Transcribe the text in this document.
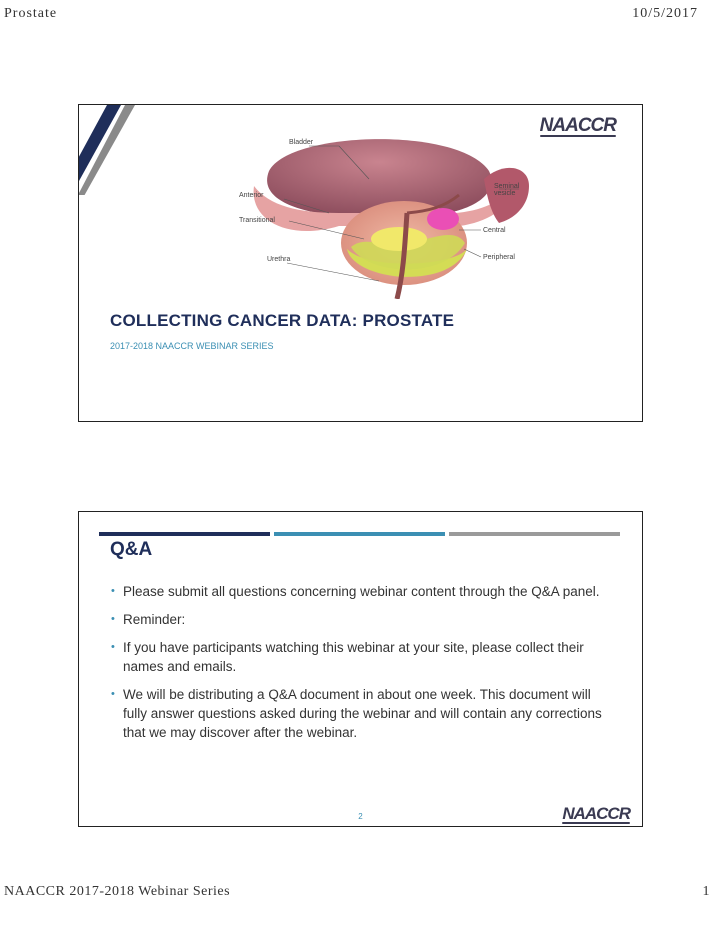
Prostate	10/5/2017
NAACCR
Bladder
Seminal
vesicle
Anterior
Transitional
Central
Peripheral
Urethra
COLLECTING CANCER DATA: PROSTATE
2017-2018 NAACCR WEBINAR SERIES
Q&A
• Please submit all questions concerning webinar content through the Q&A panel.
• Reminder:
• If you have participants watching this webinar at your site, please collect their names and emails.
• We will be distributing a Q&A document in about one week. This document will fully answer questions asked during the webinar and will contain any corrections that we may discover after the webinar.
2	NAACCR
NAACCR 2017-2018 Webinar Series	1
